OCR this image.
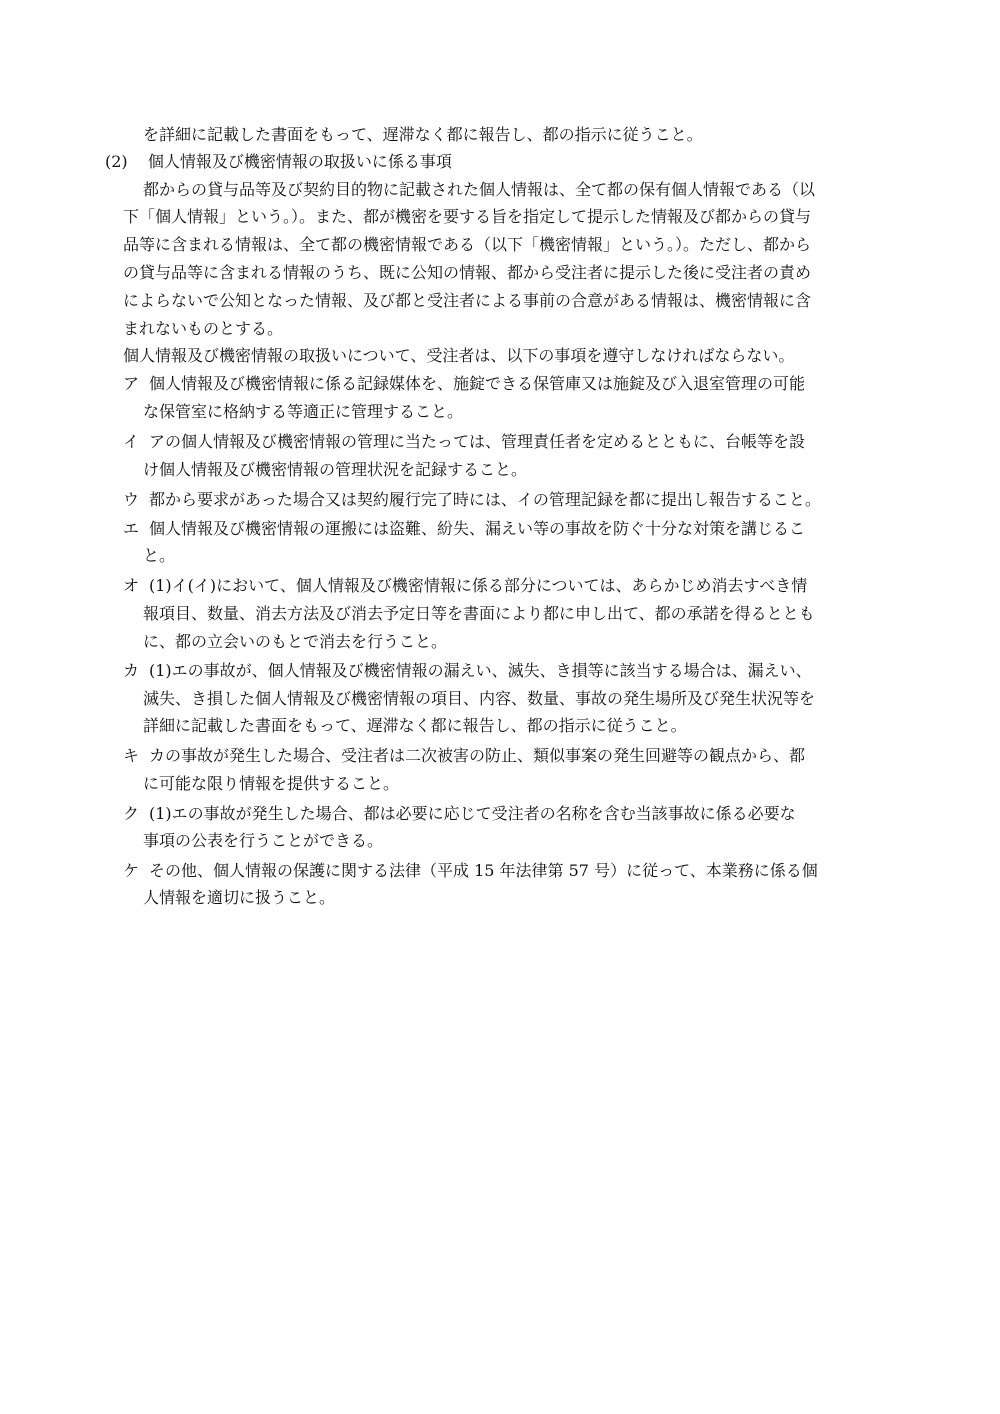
を詳細に記載した書面をもって、遅滞なく都に報告し、都の指示に従うこと。
(2) 個人情報及び機密情報の取扱いに係る事項
都からの貸与品等及び契約目的物に記載された個人情報は、全て都の保有個人情報である（以
下「個人情報」という。）。また、都が機密を要する旨を指定して提示した情報及び都からの貸与
品等に含まれる情報は、全て都の機密情報である（以下「機密情報」という。）。ただし、都から
の貸与品等に含まれる情報のうち、既に公知の情報、都から受注者に提示した後に受注者の責め
によらないで公知となった情報、及び都と受注者による事前の合意がある情報は、機密情報に含
まれないものとする。
個人情報及び機密情報の取扱いについて、受注者は、以下の事項を遵守しなければならない。
ア 個人情報及び機密情報に係る記録媒体を、施錠できる保管庫又は施錠及び入退室管理の可能
な保管室に格納する等適正に管理すること。
イ アの個人情報及び機密情報の管理に当たっては、管理責任者を定めるとともに、台帳等を設
け個人情報及び機密情報の管理状況を記録すること。
ウ 都から要求があった場合又は契約履行完了時には、イの管理記録を都に提出し報告すること。
エ 個人情報及び機密情報の運搬には盗難、紛失、漏えい等の事故を防ぐ十分な対策を講じるこ
と。
オ (1)イ(イ)において、個人情報及び機密情報に係る部分については、あらかじめ消去すべき情
報項目、数量、消去方法及び消去予定日等を書面により都に申し出て、都の承諾を得るととも
に、都の立会いのもとで消去を行うこと。
カ (1)エの事故が、個人情報及び機密情報の漏えい、滅失、き損等に該当する場合は、漏えい、
滅失、き損した個人情報及び機密情報の項目、内容、数量、事故の発生場所及び発生状況等を
詳細に記載した書面をもって、遅滞なく都に報告し、都の指示に従うこと。
キ カの事故が発生した場合、受注者は二次被害の防止、類似事案の発生回避等の観点から、都
に可能な限り情報を提供すること。
ク (1)エの事故が発生した場合、都は必要に応じて受注者の名称を含む当該事故に係る必要な
事項の公表を行うことができる。
ケ その他、個人情報の保護に関する法律（平成 15 年法律第 57 号）に従って、本業務に係る個
人情報を適切に扱うこと。
